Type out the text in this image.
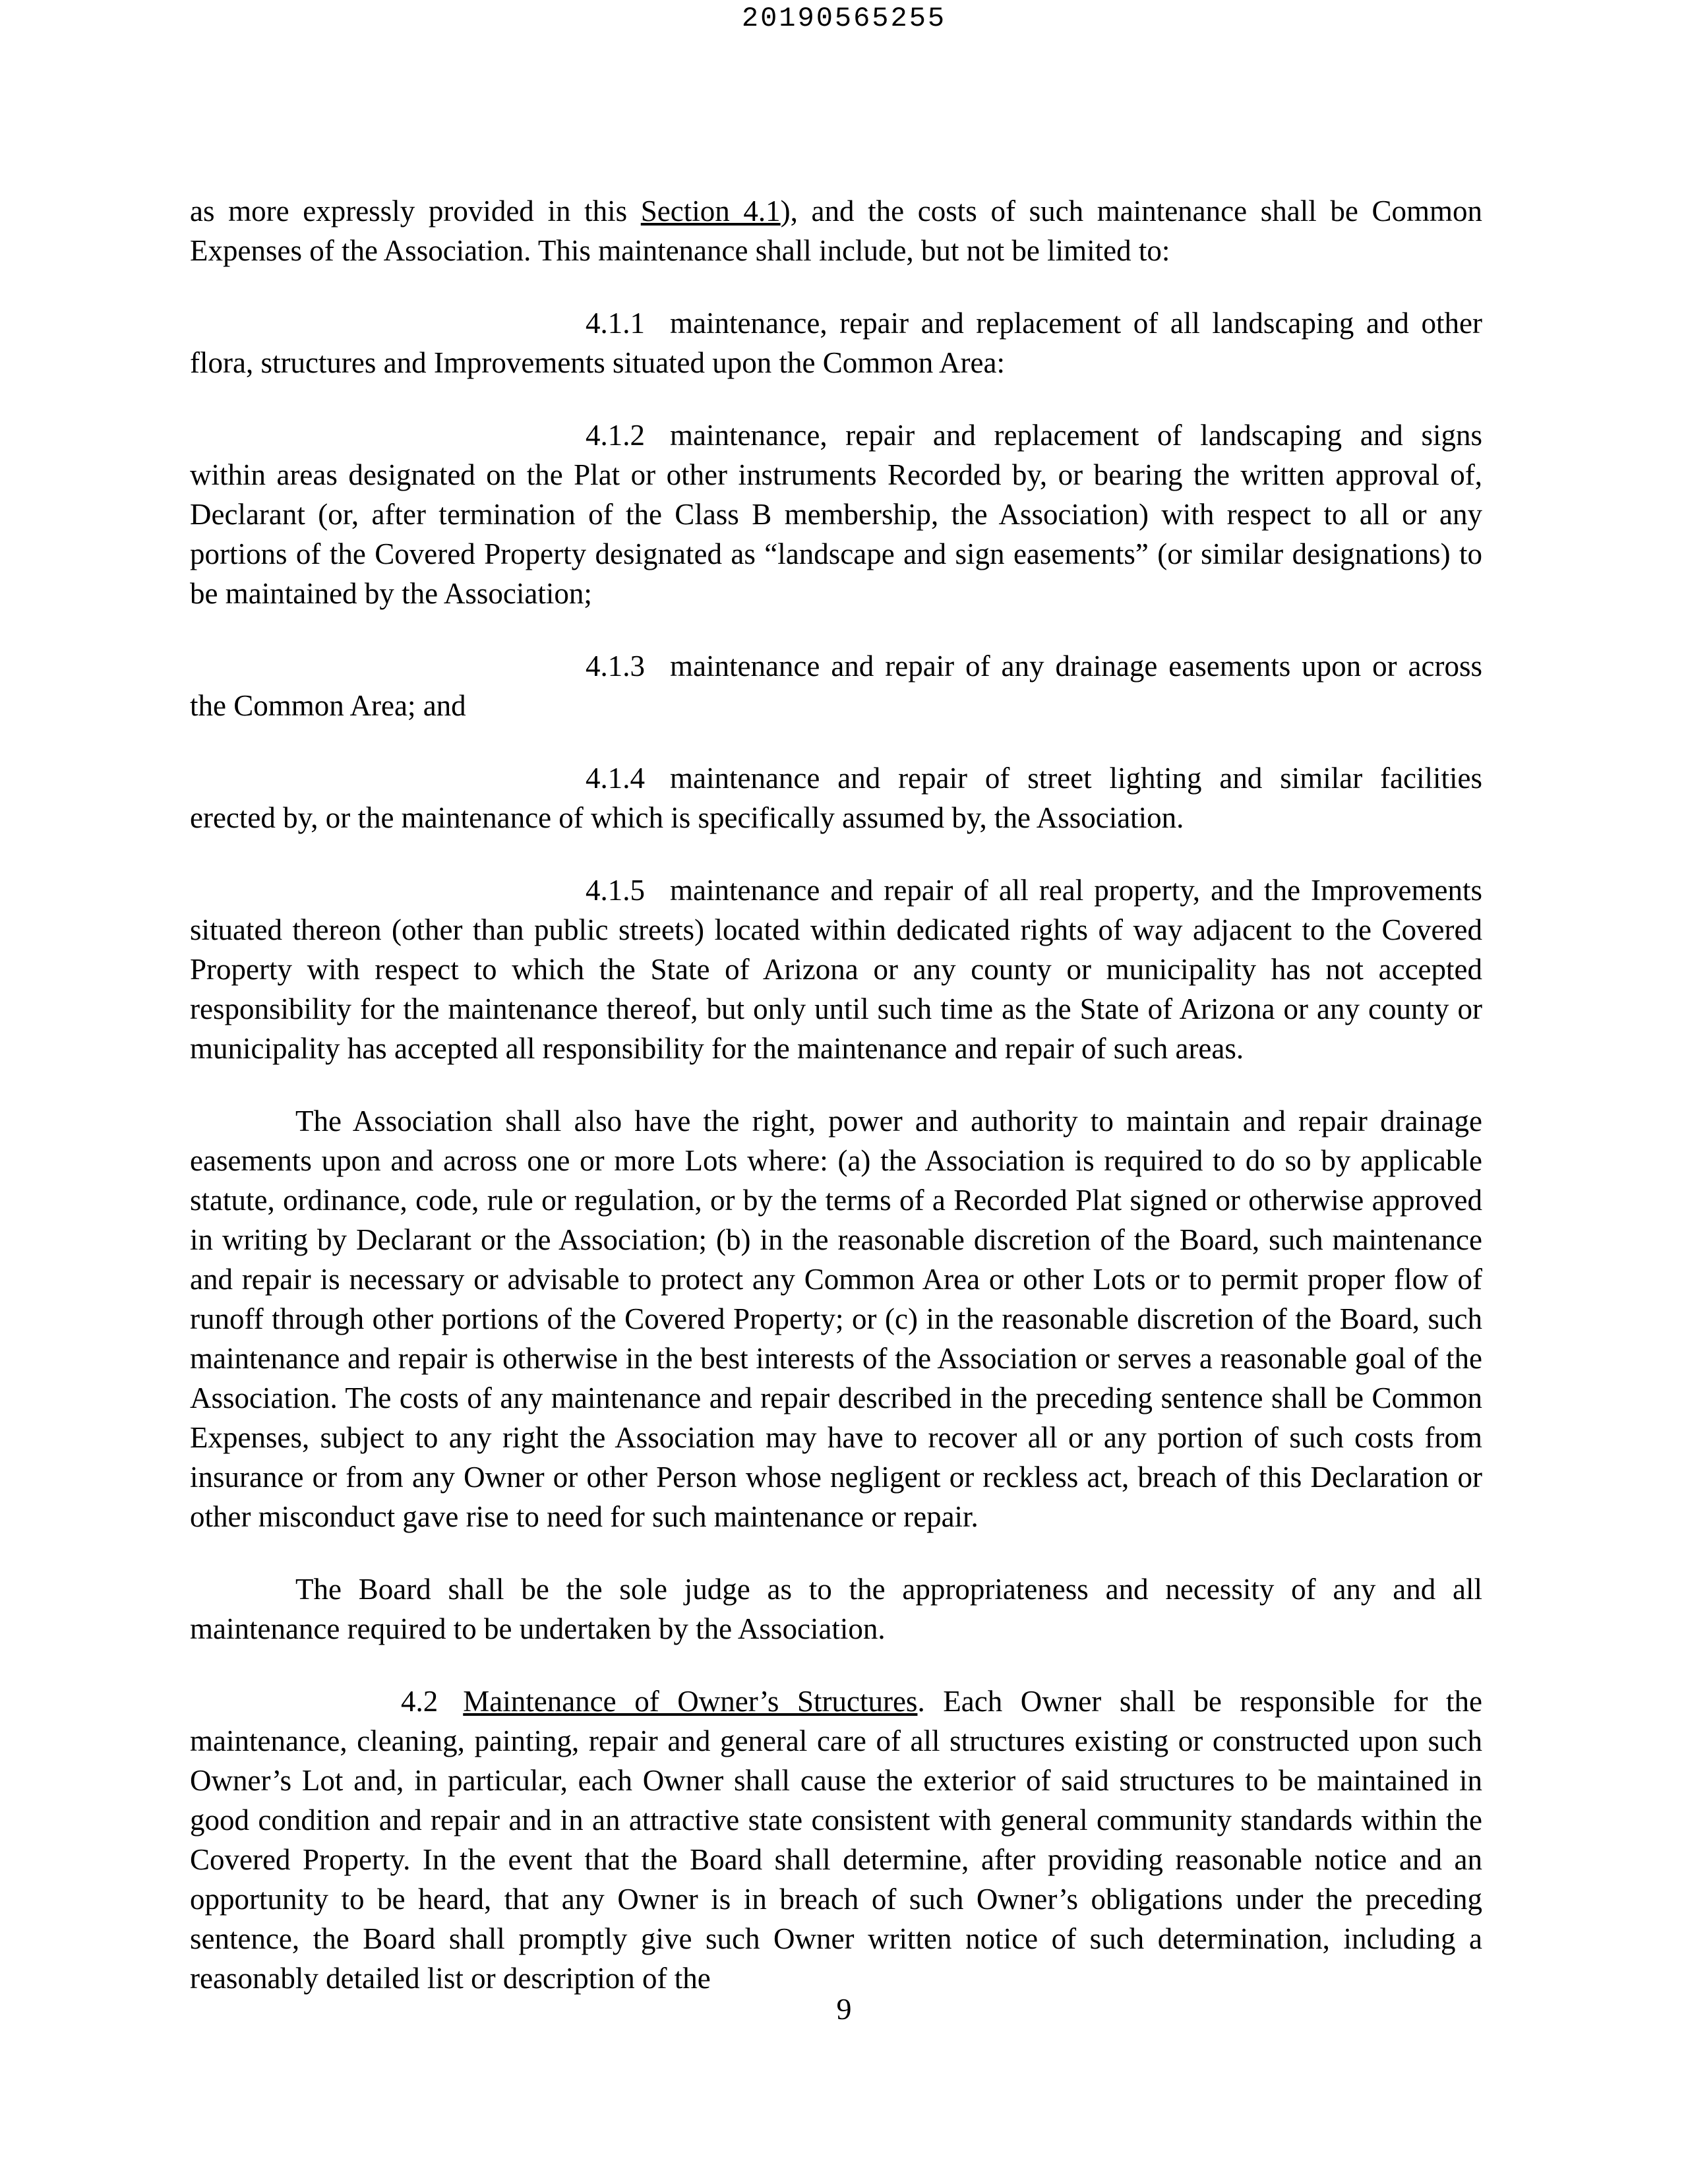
20190565255

as more expressly provided in this Section 4.1), and the costs of such maintenance shall be Common Expenses of the Association. This maintenance shall include, but not be limited to:

4.1.1 maintenance, repair and replacement of all landscaping and other flora, structures and Improvements situated upon the Common Area:

4.1.2 maintenance, repair and replacement of landscaping and signs within areas designated on the Plat or other instruments Recorded by, or bearing the written approval of, Declarant (or, after termination of the Class B membership, the Association) with respect to all or any portions of the Covered Property designated as “landscape and sign easements” (or similar designations) to be maintained by the Association;

4.1.3 maintenance and repair of any drainage easements upon or across the Common Area; and

4.1.4 maintenance and repair of street lighting and similar facilities erected by, or the maintenance of which is specifically assumed by, the Association.

4.1.5 maintenance and repair of all real property, and the Improvements situated thereon (other than public streets) located within dedicated rights of way adjacent to the Covered Property with respect to which the State of Arizona or any county or municipality has not accepted responsibility for the maintenance thereof, but only until such time as the State of Arizona or any county or municipality has accepted all responsibility for the maintenance and repair of such areas.

The Association shall also have the right, power and authority to maintain and repair drainage easements upon and across one or more Lots where: (a) the Association is required to do so by applicable statute, ordinance, code, rule or regulation, or by the terms of a Recorded Plat signed or otherwise approved in writing by Declarant or the Association; (b) in the reasonable discretion of the Board, such maintenance and repair is necessary or advisable to protect any Common Area or other Lots or to permit proper flow of runoff through other portions of the Covered Property; or (c) in the reasonable discretion of the Board, such maintenance and repair is otherwise in the best interests of the Association or serves a reasonable goal of the Association. The costs of any maintenance and repair described in the preceding sentence shall be Common Expenses, subject to any right the Association may have to recover all or any portion of such costs from insurance or from any Owner or other Person whose negligent or reckless act, breach of this Declaration or other misconduct gave rise to need for such maintenance or repair.

The Board shall be the sole judge as to the appropriateness and necessity of any and all maintenance required to be undertaken by the Association.

4.2 Maintenance of Owner’s Structures. Each Owner shall be responsible for the maintenance, cleaning, painting, repair and general care of all structures existing or constructed upon such Owner’s Lot and, in particular, each Owner shall cause the exterior of said structures to be maintained in good condition and repair and in an attractive state consistent with general community standards within the Covered Property. In the event that the Board shall determine, after providing reasonable notice and an opportunity to be heard, that any Owner is in breach of such Owner’s obligations under the preceding sentence, the Board shall promptly give such Owner written notice of such determination, including a reasonably detailed list or description of the

9
